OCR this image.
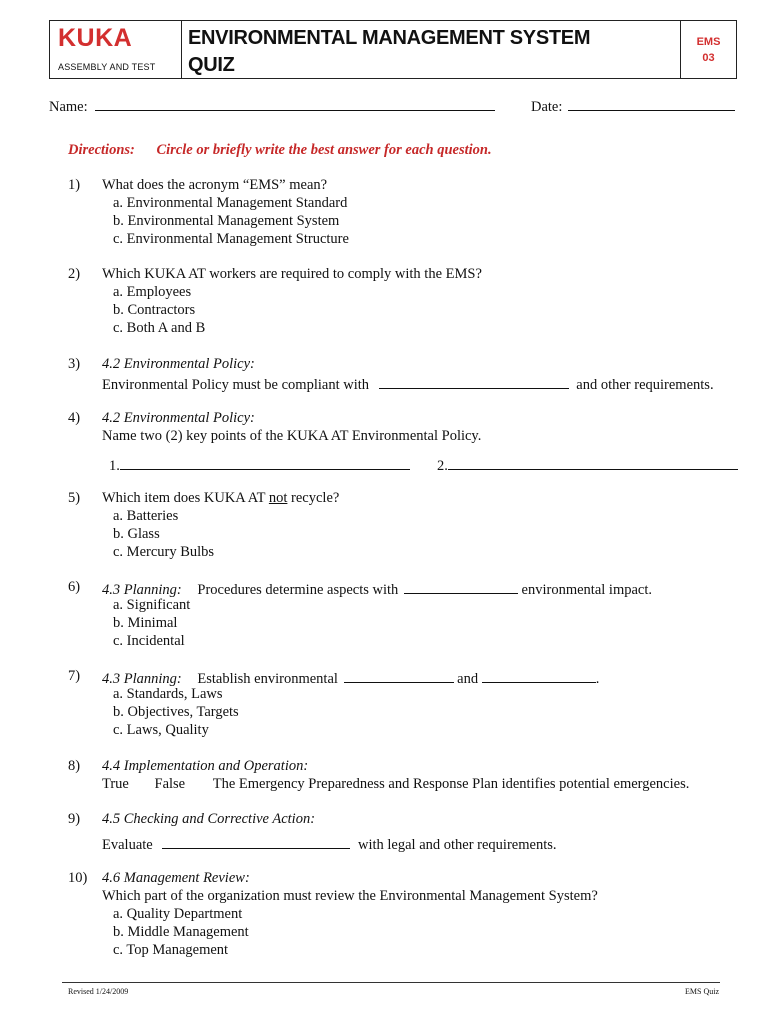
KUKA
ASSEMBLY AND TEST
ENVIRONMENTAL MANAGEMENT SYSTEM
QUIZ
EMS
03
Name:	Date:
Directions: Circle or briefly write the best answer for each question.
1) What does the acronym “EMS” mean?
a. Environmental Management Standard
b. Environmental Management System
c. Environmental Management Structure
2) Which KUKA AT workers are required to comply with the EMS?
a. Employees
b. Contractors
c. Both A and B
3) 4.2 Environmental Policy:
Environmental Policy must be compliant with	and other requirements.
4) 4.2 Environmental Policy:
Name two (2) key points of the KUKA AT Environmental Policy.
1.	2.
5) Which item does KUKA AT not recycle?
a. Batteries
b. Glass
c. Mercury Bulbs
6) 4.3 Planning: Procedures determine aspects with	environmental impact.
a. Significant
b. Minimal
c. Incidental
7) 4.3 Planning: Establish environmental	and	.
a. Standards, Laws
b. Objectives, Targets
c. Laws, Quality
8) 4.4 Implementation and Operation:
True False The Emergency Preparedness and Response Plan identifies potential emergencies.
9) 4.5 Checking and Corrective Action:
Evaluate	with legal and other requirements.
10) 4.6 Management Review:
Which part of the organization must review the Environmental Management System?
a. Quality Department
b. Middle Management
c. Top Management
Revised 1/24/2009	EMS Quiz
